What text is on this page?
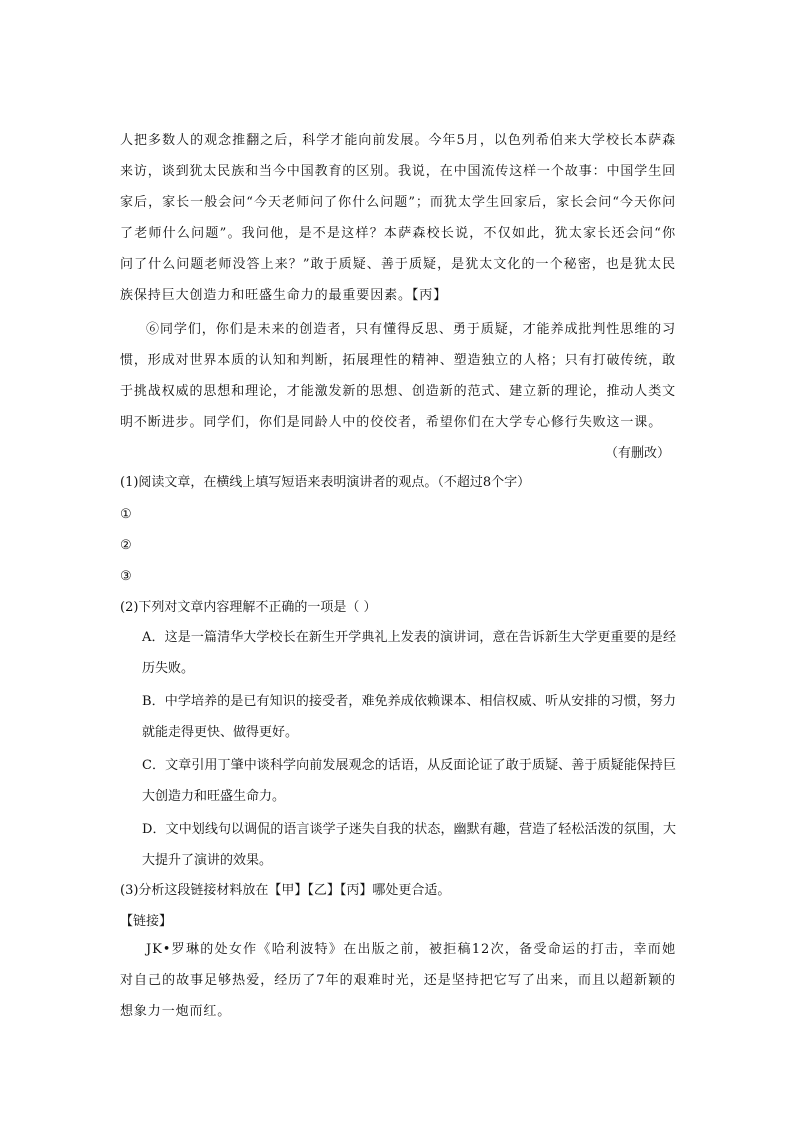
人把多数人的观念推翻之后，科学才能向前发展。今年5月，以色列希伯来大学校长本萨森来访，谈到犹太民族和当今中国教育的区别。我说，在中国流传这样一个故事：中国学生回家后，家长一般会问“今天老师问了你什么问题”；而犹太学生回家后，家长会问“今天你问了老师什么问题”。我问他，是不是这样？本萨森校长说，不仅如此，犹太家长还会问“你问了什么问题老师没答上来？”敢于质疑、善于质疑，是犹太文化的一个秘密，也是犹太民族保持巨大创造力和旺盛生命力的最重要因素。【丙】

⑥同学们，你们是未来的创造者，只有懂得反思、勇于质疑，才能养成批判性思维的习惯，形成对世界本质的认知和判断，拓展理性的精神、塑造独立的人格；只有打破传统，敢于挑战权威的思想和理论，才能激发新的思想、创造新的范式、建立新的理论，推动人类文明不断进步。同学们，你们是同龄人中的佼佼者，希望你们在大学专心修行失败这一课。

（有删改）
(1)阅读文章，在横线上填写短语来表明演讲者的观点。（不超过8个字）
①
②
③
(2)下列对文章内容理解不正确的一项是（ ）

A．这是一篇清华大学校长在新生开学典礼上发表的演讲词，意在告诉新生大学更重要的是经历失败。

B．中学培养的是已有知识的接受者，难免养成依赖课本、相信权威、听从安排的习惯，努力就能走得更快、做得更好。

C．文章引用丁肇中谈科学向前发展观念的话语，从反面论证了敢于质疑、善于质疑能保持巨大创造力和旺盛生命力。

D．文中划线句以调侃的语言谈学子迷失自我的状态，幽默有趣，营造了轻松活泼的氛围，大大提升了演讲的效果。

(3)分析这段链接材料放在【甲】【乙】【丙】哪处更合适。
【链接】

JK•罗琳的处女作《哈利波特》在出版之前，被拒稿12次，备受命运的打击，幸而她对自己的故事足够热爱，经历了7年的艰难时光，还是坚持把它写了出来，而且以超新颖的想象力一炮而红。
